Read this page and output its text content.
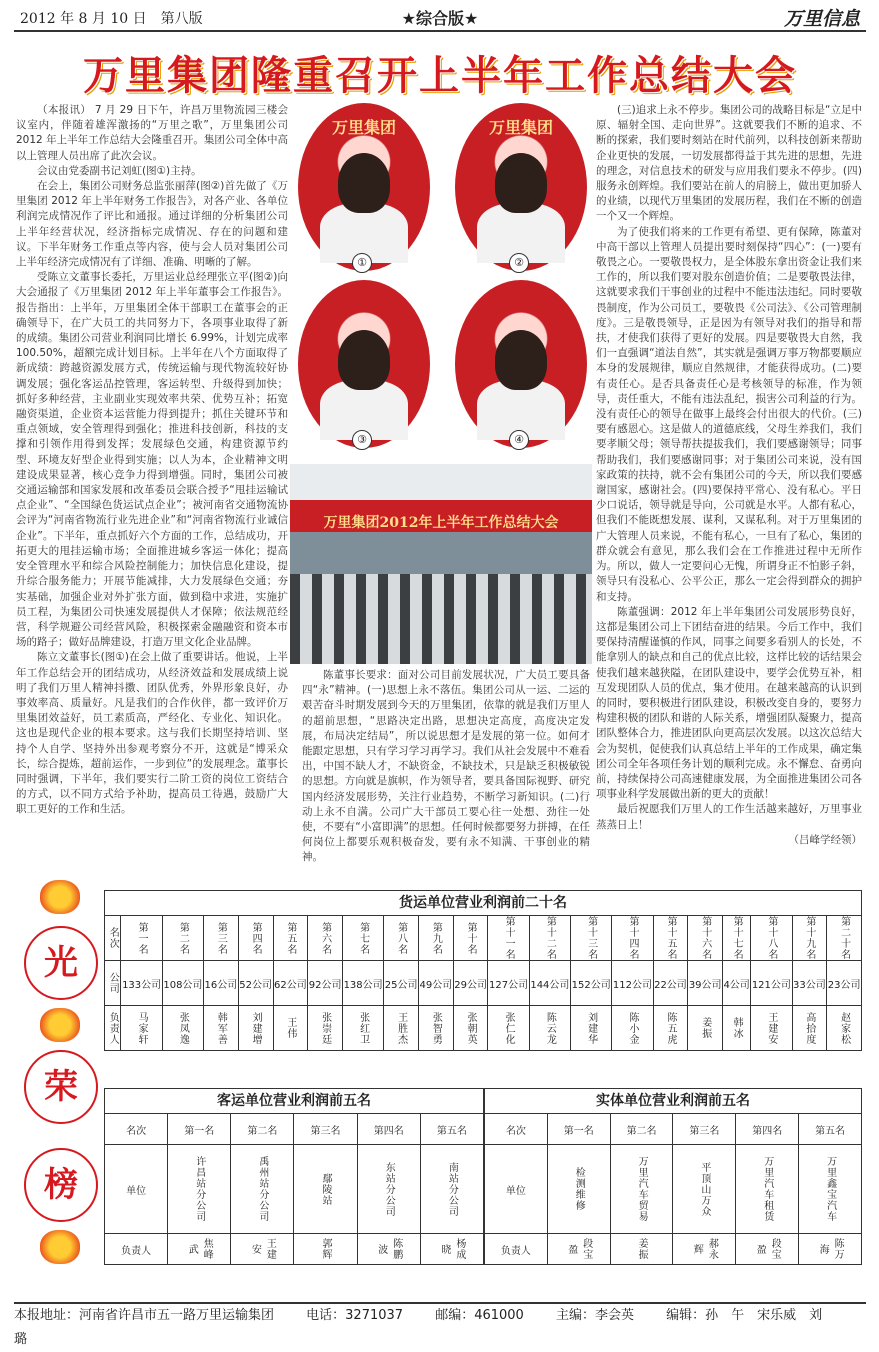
2012 年 8 月 10 日　第八版	★综合版★	万里信息
万里集团隆重召开上半年工作总结大会

（本报讯） 7 月 29 日下午，许昌万里物流园三楼会议室内，伴随着雄浑激扬的“万里之歌”，万里集团公司 2012 年上半年工作总结大会隆重召开。集团公司全体中高以上管理人员出席了此次会议。

会议由党委副书记刘虹(图①)主持。

在会上，集团公司财务总监张丽萍(图②)首先做了《万里集团 2012 年上半年财务工作报告》，对各产业、各单位利润完成情况作了评比和通报。通过详细的分析集团公司上半年经营状况，经济指标完成情况、存在的问题和建议。下半年财务工作重点等内容，使与会人员对集团公司上半年经济完成情况有了详细、准确、明晰的了解。

受陈立文董事长委托，万里运业总经理张立平(图②)向大会通报了《万里集团 2012 年上半年董事会工作报告》。报告指出：上半年，万里集团全体干部职工在董事会的正确领导下，在广大员工的共同努力下，各项事业取得了新的成绩。集团公司营业利润同比增长 6.99%，计划完成率 100.50%，超额完成计划目标。上半年在八个方面取得了新成绩：跨越资源发展方式，传统运输与现代物流较好协调发展；强化客运品控管理，客运转型、升级得到加快；抓好多种经营，主业副业实现效率共荣、优势互补；拓宽融资渠道，企业资本运营能力得到提升；抓住关键环节和重点领域，安全管理得到强化；推进科技创新，科技的支撑和引领作用得到发挥；发展绿色交通，构建资源节约型、环境友好型企业得到实施；以人为本，企业精神文明建设成果显著，核心竞争力得到增强。同时，集团公司被交通运输部和国家发展和改革委员会联合授予“甩挂运输试点企业”、“全国绿色货运试点企业”；被河南省交通物流协会评为“河南省物流行业先进企业”和“河南省物流行业诚信企业”。下半年，重点抓好六个方面的工作，总结成功，开拓更大的甩挂运输市场；全面推进城乡客运一体化；提高安全管理水平和综合风险控制能力；加快信息化建设，提升综合服务能力；开展节能减排，大力发展绿色交通；夯实基础，加强企业对外扩张方面，做到稳中求进，实施扩员工程，为集团公司快速发展提供人才保障；依法规范经营，科学规避公司经营风险，积极探索金融融资和资本市场的路子；做好品牌建设，打造万里文化企业品牌。

陈立文董事长(图①)在会上做了重要讲话。他说，上半年工作总结会开的团结成功，从经济效益和发展成绩上说明了我们万里人精神抖擞、团队优秀，外界形象良好，办事效率高、质量好。凡是我们的合作伙伴，都一致评价万里集团效益好，员工素质高，严经化、专业化、知识化。这也是现代企业的根本要求。这与我们长期坚持培训、坚持个人自学、坚持外出参观考察分不开，这就是“博采众长，综合提炼，超前运作，一步到位”的发展理念。董事长同时强调，下半年，我们要实行二阶工资的岗位工资结合的方式，以不同方式给予补助，提高员工待遇，鼓励广大职工更好的工作和生活。

万里集团
①
万里集团
②
③	④
万里集团2012年上半年工作总结大会

陈董事长要求：面对公司目前发展状况，广大员工要具备四“永”精神。(一)思想上永不落伍。集团公司从一运、二运的艰苦奋斗时期发展到今天的万里集团，依靠的就是我们万里人的超前思想，“思路决定出路，思想决定高度，高度决定发展，布局决定结局”，所以说思想才是发展的第一位。如何才能跟定思想，只有学习学习再学习。我们从社会发展中不难看出，中国不缺人才，不缺资金，不缺技术，只是缺乏积极敏锐的思想。方向就是旗帜，作为领导者，要具备国际视野、研究国内经济发展形势，关注行业趋势，不断学习新知识。(二)行动上永不自满。公司广大干部员工要心往一处想、劲往一处使，不要有“小富即满”的思想。任何时候都要努力拼搏，在任何岗位上都要乐观积极奋发，要有永不知满、干事创业的精神。

(三)追求上永不停步。集团公司的战略目标是“立足中原、辐射全国、走向世界”。这就要我们不断的追求、不断的探索，我们要时刻站在时代前列，以科技创新来帮助企业更快的发展，一切发展都得益于其先进的思想，先进的理念，对信息技术的研发与应用我们要永不停步。(四)服务永创辉煌。我们要站在前人的肩膀上，做出更加骄人的业绩，以现代万里集团的发展历程，我们在不断的创造一个又一个辉煌。

为了使我们将来的工作更有希望、更有保障，陈董对中高干部以上管理人员提出要时刻保持“四心”：(一)要有敬畏之心。一要敬畏权力，是全体股东拿出资金让我们来工作的，所以我们要对股东创造价值；二是要敬畏法律，这就要求我们干事创业的过程中不能违法违纪。同时要敬畏制度，作为公司员工，要敬畏《公司法》、《公司管理制度》。三是敬畏领导，正是因为有领导对我们的指导和帮扶，才使我们获得了更好的发展。四是要敬畏大自然，我们一直强调“道法自然”，其实就是强调万事万物都要顺应本身的发展规律，顺应自然规律，才能获得成功。(二)要有责任心。是否具备责任心是考核领导的标准，作为领导，责任重大，不能有违法乱纪，损害公司利益的行为。没有责任心的领导在做事上最终会付出很大的代价。(三)要有感恩心。这是做人的道德底线，父母生养我们，我们要孝顺父母；领导帮扶提拔我们，我们要感谢领导；同事帮助我们，我们要感谢同事；对于集团公司来说，没有国家政策的扶持，就不会有集团公司的今天，所以我们要感谢国家，感谢社会。(四)要保持平常心、没有私心。平日少口说话，领导就是导向，公司就是水平。人都有私心，但我们不能既想发展、谋利，又谋私利。对于万里集团的广大管理人员来说，不能有私心，一旦有了私心，集团的群众就会有意见，那么我们会在工作推进过程中无所作为。所以，做人一定要问心无愧，所谓身正不怕影子斜，领导只有没私心、公平公正，那么一定会得到群众的拥护和支持。

陈董强调：2012 年上半年集团公司发展形势良好，这都是集团公司上下团结奋进的结果。今后工作中，我们要保持清醒谨慎的作风，同事之间要多看别人的长处，不能拿别人的缺点和自己的优点比较，这样比较的话结果会使我们越来越狭隘，在团队建设中，要学会优势互补，相互发现团队人员的优点，集才使用。在越来越高的认识到的同时，要积极进行团队建设，积极改变自身的，要努力构建积极的团队和谐的人际关系，增强团队凝聚力，提高团队整体合力，推进团队向更高层次发展。以这次总结大会为契机，促使我们认真总结上半年的工作成果，确定集团公司全年各项任务计划的顺利完成。永不懈怠、奋勇向前，持续保持公司高速健康发展，为全面推进集团公司各项事业科学发展做出新的更大的贡献！

最后祝愿我们万里人的工作生活越来越好，万里事业蒸蒸日上！

（吕峰学经领）

光
荣
榜
货运单位营业利润前二十名
名次	第一名	第二名	第三名	第四名	第五名	第六名	第七名	第八名	第九名	第十名	第十一名	第十二名	第十三名	第十四名	第十五名	第十六名	第十七名	第十八名	第十九名	第二十名
公司	133公司	108公司	16公司	52公司	62公司	92公司	138公司	25公司	49公司	29公司	127公司	144公司	152公司	112公司	22公司	39公司	4公司	121公司	33公司	23公司
负责人	马家轩	张凤逸	韩军善	刘建增	王伟	张崇廷	张红卫	王胜杰	张智勇	张朝英	张仁化	陈云龙	刘建华	陈小金	陈五虎	姜振	韩冰	王建安	高拾度	赵家松
客运单位营业利润前五名
名次	第一名	第二名	第三名	第四名	第五名
单位	许昌站分公司	禹州站分公司	鄢陵站	东站分公司	南站分公司
负责人	焦峰武	王建安	郭辉	陈鹏波	杨成晓
实体单位营业利润前五名
名次	第一名	第二名	第三名	第四名	第五名
单位	检测维修	万里汽车贸易	平顶山万众	万里汽车租赁	万里鑫宝汽车
负责人	段宝盈	姜振	郝永辉	段宝盈	陈万海
本报地址：河南省许昌市五一路万里运输集团 电话：3271037 邮编：461000 主编：李会英 编辑：孙　午　宋乐威　刘　璐
